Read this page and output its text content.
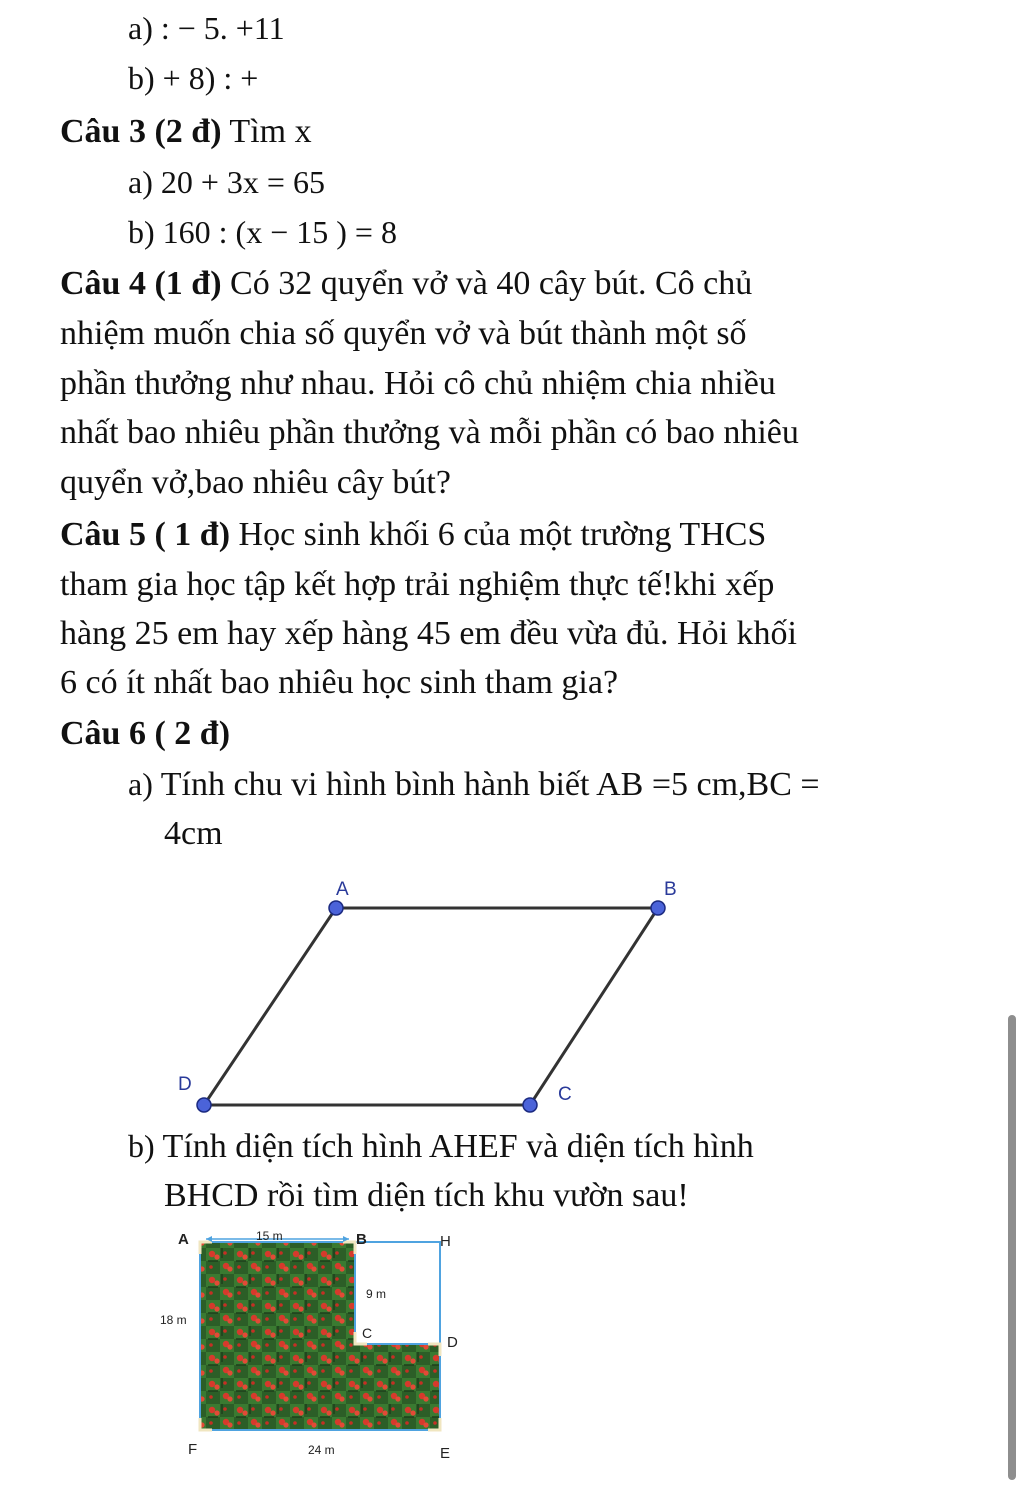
a) : − 5. +11
b) + 8) : +
Câu 3 (2 đ) Tìm x
a) 20 + 3x = 65
b) 160 : (x − 15 ) = 8
Câu 4 (1 đ) Có 32 quyển vở và 40 cây bút. Cô chủ
nhiệm muốn chia số quyển vở và bút thành một số
phần thưởng như nhau. Hỏi cô chủ nhiệm chia nhiều
nhất bao nhiêu phần thưởng và mỗi phần có bao nhiêu
quyển vở,bao nhiêu cây bút?
Câu 5 ( 1 đ) Học sinh khối 6 của một trường THCS
tham gia học tập kết hợp trải nghiệm thực tế!khi xếp
hàng 25 em hay xếp hàng 45 em đều vừa đủ. Hỏi khối
6 có ít nhất bao nhiêu học sinh tham gia?
Câu 6 ( 2 đ)
a) Tính chu vi hình bình hành biết AB =5 cm,BC =
4cm
A	B
C
D
b) Tính diện tích hình AHEF và diện tích hình
BHCD rồi tìm diện tích khu vườn sau!
A	B	H
C
D
E
F
15 m
9 m
18 m
24 m
